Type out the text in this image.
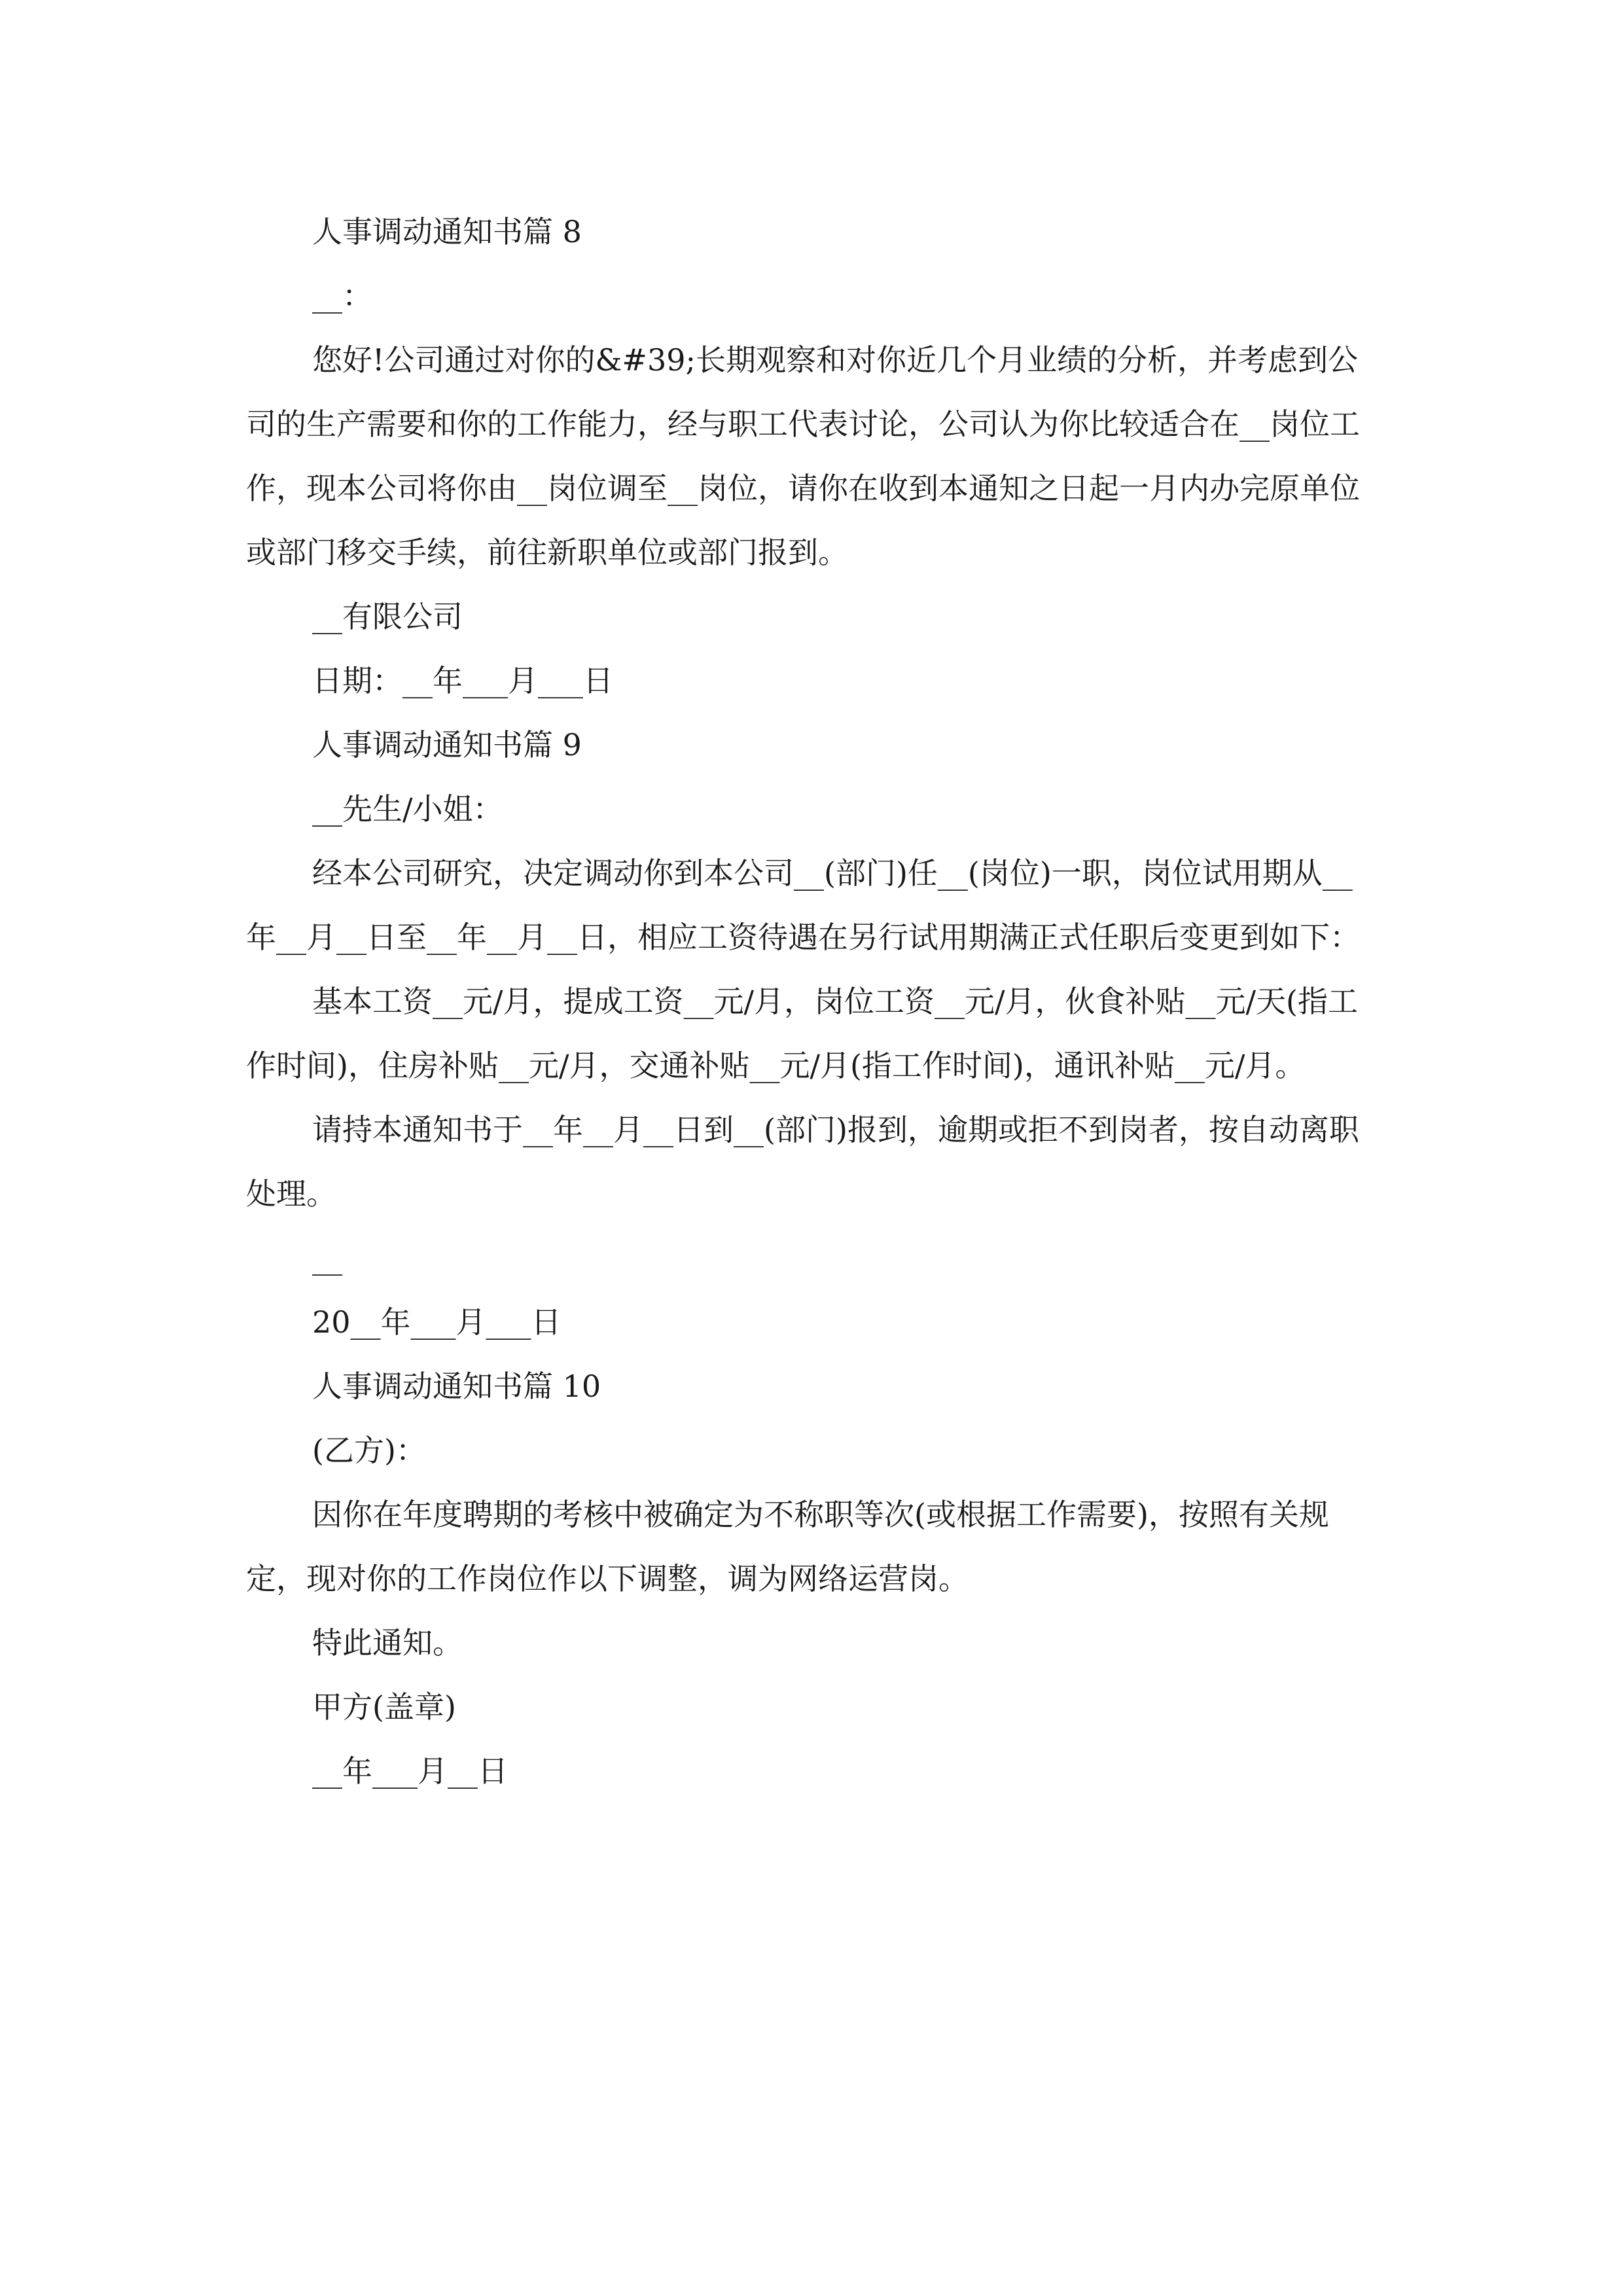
人事调动通知书篇 8

__：

您好!公司通过对你的&#39;长期观察和对你近几个月业绩的分析，并考虑到公司的生产需要和你的工作能力，经与职工代表讨论，公司认为你比较适合在__岗位工作，现本公司将你由__岗位调至__岗位，请你在收到本通知之日起一月内办完原单位或部门移交手续，前往新职单位或部门报到。

__有限公司

日期：__年___月___日

人事调动通知书篇 9

__先生/小姐：

经本公司研究，决定调动你到本公司__(部门)任__(岗位)一职，岗位试用期从__年__月__日至__年__月__日，相应工资待遇在另行试用期满正式任职后变更到如下：

基本工资__元/月，提成工资__元/月，岗位工资__元/月，伙食补贴__元/天(指工作时间)，住房补贴__元/月，交通补贴__元/月(指工作时间)，通讯补贴__元/月。

请持本通知书于__年__月__日到__(部门)报到，逾期或拒不到岗者，按自动离职处理。

__

20__年___月___日

人事调动通知书篇 10

(乙方)：

因你在年度聘期的考核中被确定为不称职等次(或根据工作需要)，按照有关规定，现对你的工作岗位作以下调整，调为网络运营岗。

特此通知。

甲方(盖章)

__年___月__日
